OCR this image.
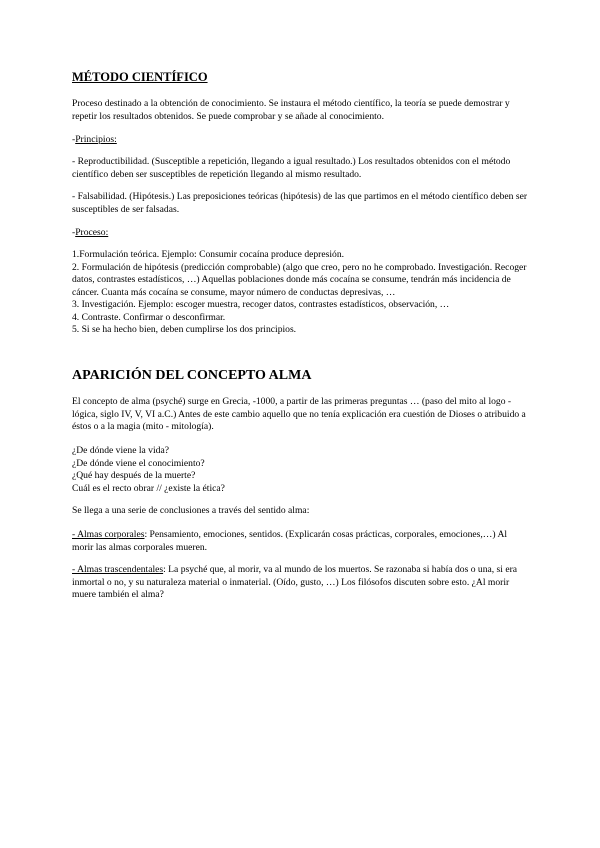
MÉTODO CIENTÍFICO

Proceso destinado a la obtención de conocimiento. Se instaura el método científico, la teoría se puede demostrar y repetir los resultados obtenidos. Se puede comprobar y se añade al conocimiento.

-Principios:

- Reproductibilidad. (Susceptible a repetición, llegando a igual resultado.) Los resultados obtenidos con el método científico deben ser susceptibles de repetición llegando al mismo resultado.

- Falsabilidad. (Hipótesis.) Las preposiciones teóricas (hipótesis) de las que partimos en el método científico deben ser susceptibles de ser falsadas.

-Proceso:

1.Formulación teórica. Ejemplo: Consumir cocaína produce depresión.

2. Formulación de hipótesis (predicción comprobable) (algo que creo, pero no he comprobado. Investigación. Recoger datos, contrastes estadísticos, …) Aquellas poblaciones donde más cocaína se consume, tendrán más incidencia de cáncer. Cuanta más cocaína se consume, mayor número de conductas depresivas, …

3. Investigación. Ejemplo: escoger muestra, recoger datos, contrastes estadísticos, observación, …

4. Contraste. Confirmar o desconfirmar.

5. Si se ha hecho bien, deben cumplirse los dos principios.

APARICIÓN DEL CONCEPTO ALMA

El concepto de alma (psyché) surge en Grecia, -1000, a partir de las primeras preguntas … (paso del mito al logo - lógica, siglo IV, V, VI a.C.) Antes de este cambio aquello que no tenía explicación era cuestión de Dioses o atribuido a éstos o a la magia (mito - mitología).

¿De dónde viene la vida?

¿De dónde viene el conocimiento?

¿Qué hay después de la muerte?

Cuál es el recto obrar // ¿existe la ética?

Se llega a una serie de conclusiones a través del sentido alma:

- Almas corporales: Pensamiento, emociones, sentidos. (Explicarán cosas prácticas, corporales, emociones,…) Al morir las almas corporales mueren.

- Almas trascendentales: La psyché que, al morir, va al mundo de los muertos. Se razonaba si había dos o una, si era inmortal o no, y su naturaleza material o inmaterial. (Oído, gusto, …) Los filósofos discuten sobre esto. ¿Al morir muere también el alma?
